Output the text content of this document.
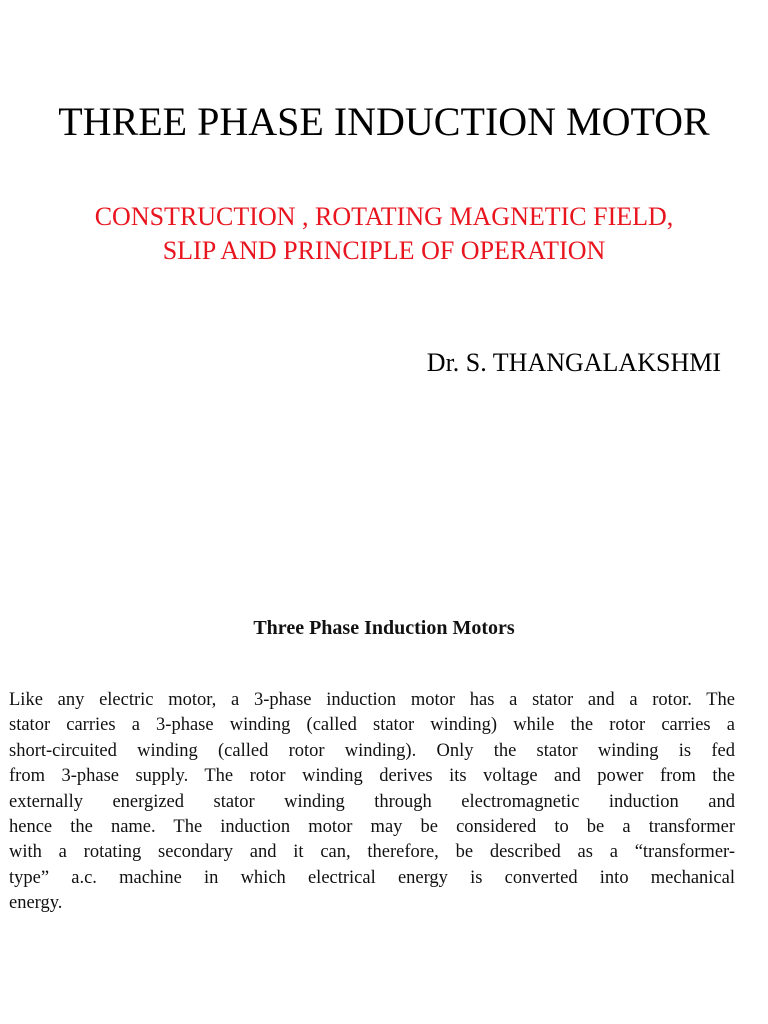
THREE PHASE INDUCTION MOTOR
CONSTRUCTION , ROTATING MAGNETIC FIELD,
SLIP AND PRINCIPLE OF OPERATION
Dr. S. THANGALAKSHMI
Three Phase Induction Motors
Like any electric motor, a 3-phase induction motor has a stator and a rotor. The
stator carries a 3-phase winding (called stator winding) while the rotor carries a
short-circuited winding (called rotor winding). Only the stator winding is fed
from 3-phase supply. The rotor winding derives its voltage and power from the
externally energized stator winding through electromagnetic induction and
hence the name. The induction motor may be considered to be a transformer
with a rotating secondary and it can, therefore, be described as a “transformer-
type” a.c. machine in which electrical energy is converted into mechanical
energy.
